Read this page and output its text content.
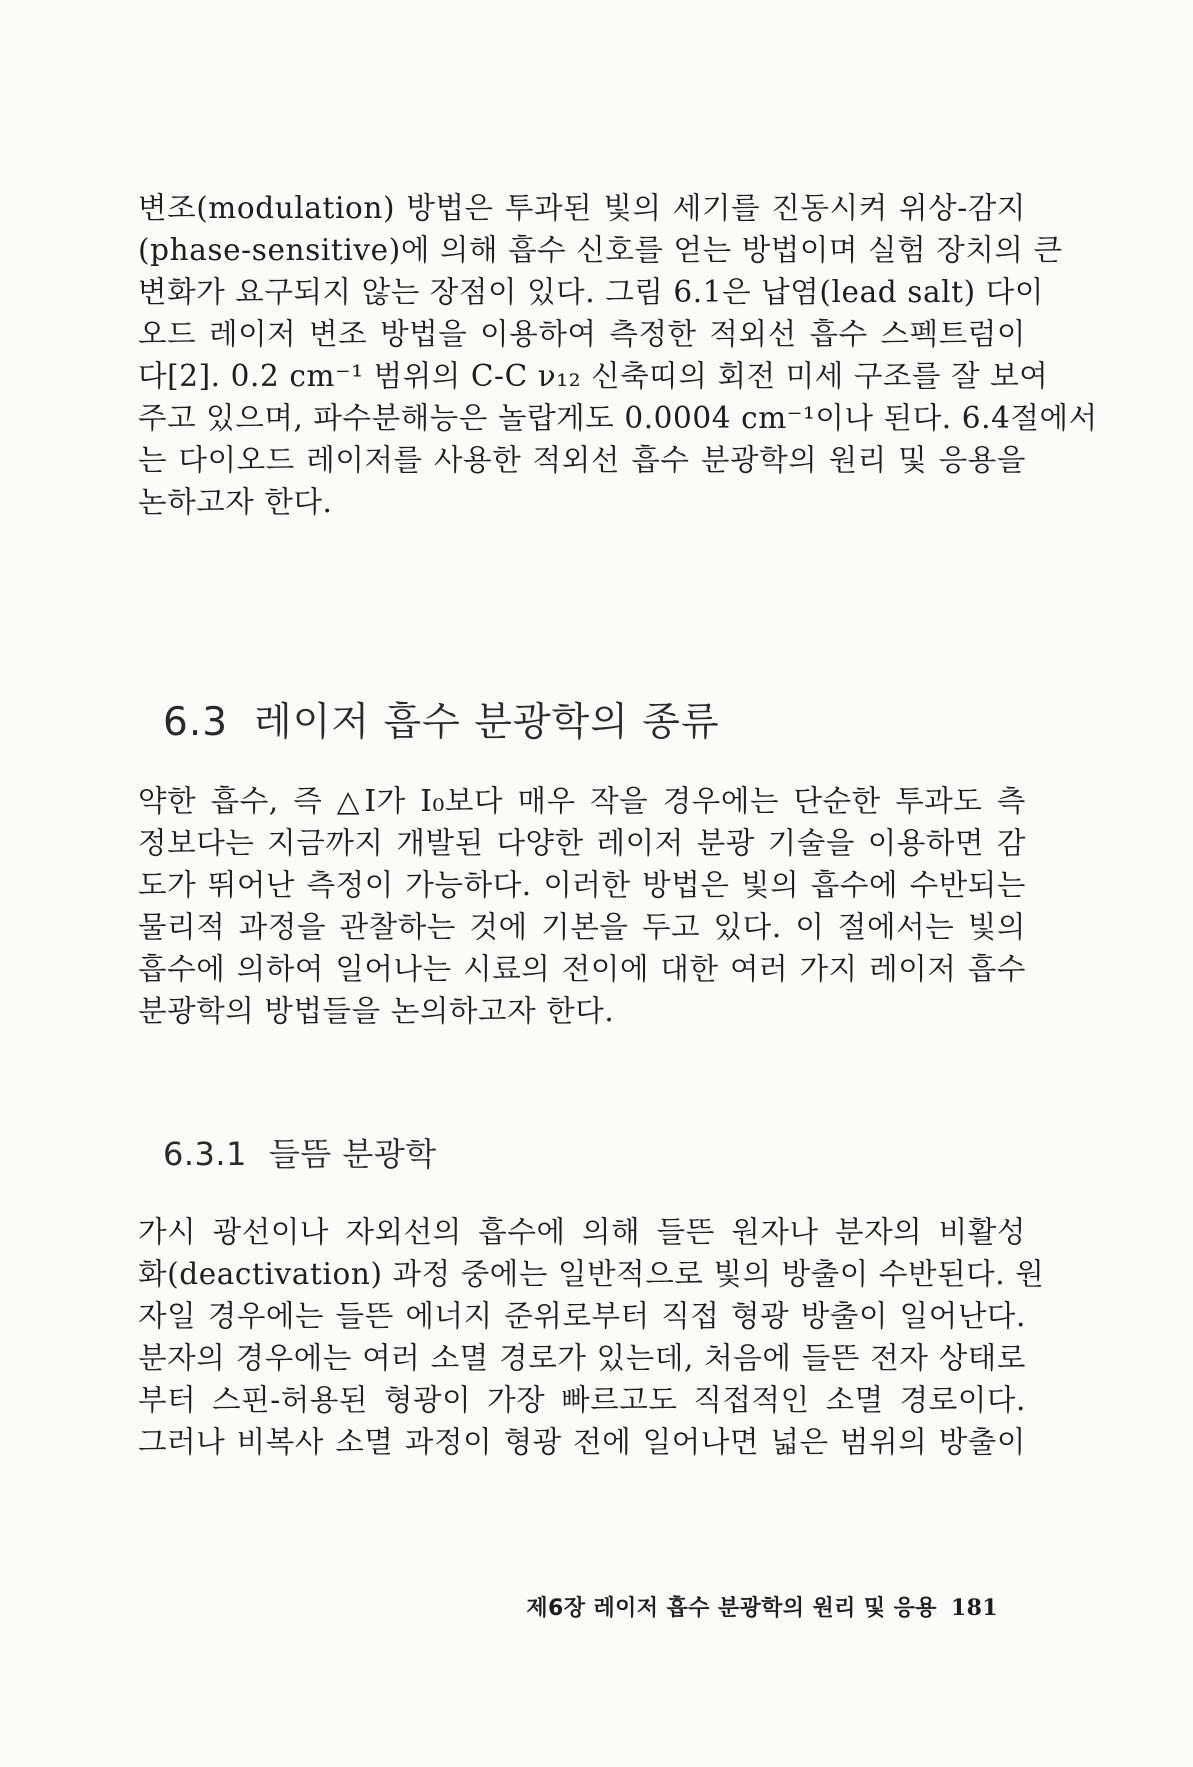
변조(modulation) 방법은 투과된 빛의 세기를 진동시켜 위상-감지
(phase-sensitive)에 의해 흡수 신호를 얻는 방법이며 실험 장치의 큰
변화가 요구되지 않는 장점이 있다. 그림 6.1은 납염(lead salt) 다이
오드 레이저 변조 방법을 이용하여 측정한 적외선 흡수 스펙트럼이
다[2]. 0.2 cm⁻¹ 범위의 C-C ν₁₂ 신축띠의 회전 미세 구조를 잘 보여
주고 있으며, 파수분해능은 놀랍게도 0.0004 cm⁻¹이나 된다. 6.4절에서
는 다이오드 레이저를 사용한 적외선 흡수 분광학의 원리 및 응용을
논하고자 한다.
6.3 레이저 흡수 분광학의 종류
약한 흡수, 즉 △I가 I₀보다 매우 작을 경우에는 단순한 투과도 측
정보다는 지금까지 개발된 다양한 레이저 분광 기술을 이용하면 감
도가 뛰어난 측정이 가능하다. 이러한 방법은 빛의 흡수에 수반되는
물리적 과정을 관찰하는 것에 기본을 두고 있다. 이 절에서는 빛의
흡수에 의하여 일어나는 시료의 전이에 대한 여러 가지 레이저 흡수
분광학의 방법들을 논의하고자 한다.
6.3.1 들뜸 분광학
가시 광선이나 자외선의 흡수에 의해 들뜬 원자나 분자의 비활성
화(deactivation) 과정 중에는 일반적으로 빛의 방출이 수반된다. 원
자일 경우에는 들뜬 에너지 준위로부터 직접 형광 방출이 일어난다.
분자의 경우에는 여러 소멸 경로가 있는데, 처음에 들뜬 전자 상태로
부터 스핀-허용된 형광이 가장 빠르고도 직접적인 소멸 경로이다.
그러나 비복사 소멸 과정이 형광 전에 일어나면 넓은 범위의 방출이
제6장 레이저 흡수 분광학의 원리 및 응용 181
